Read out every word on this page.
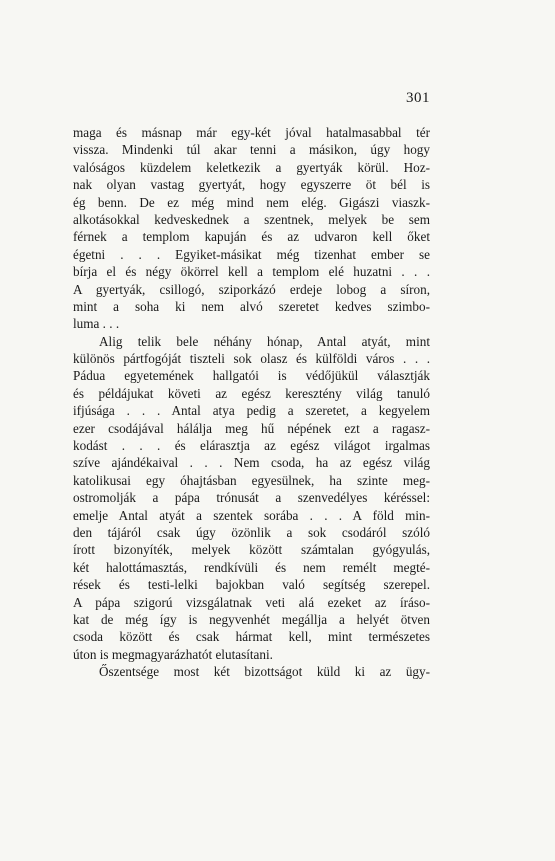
301
maga és másnap már egy-két jóval hatalmasabbal tér
vissza. Mindenki túl akar tenni a másikon, úgy hogy
valóságos küzdelem keletkezik a gyertyák körül. Hoz-
nak olyan vastag gyertyát, hogy egyszerre öt bél is
ég benn. De ez még mind nem elég. Gigászi viaszk-
alkotásokkal kedveskednek a szentnek, melyek be sem
férnek a templom kapuján és az udvaron kell őket
égetni . . . Egyiket-másikat még tizenhat ember se
bírja el és négy ökörrel kell a templom elé huzatni . . .
A gyertyák, csillogó, sziporkázó erdeje lobog a síron,
mint a soha ki nem alvó szeretet kedves szimbo-
luma . . .
Alig telik bele néhány hónap, Antal atyát, mint
különös pártfogóját tiszteli sok olasz és külföldi város . . .
Pádua egyetemének hallgatói is védőjükül választják
és példájukat követi az egész keresztény világ tanuló
ifjúsága . . . Antal atya pedig a szeretet, a kegyelem
ezer csodájával hálálja meg hű népének ezt a ragasz-
kodást . . . és elárasztja az egész világot irgalmas
szíve ajándékaival . . . Nem csoda, ha az egész világ
katolikusai egy óhajtásban egyesülnek, ha szinte meg-
ostromolják a pápa trónusát a szenvedélyes kéréssel:
emelje Antal atyát a szentek sorába . . . A föld min-
den tájáról csak úgy özönlik a sok csodáról szóló
írott bizonyíték, melyek között számtalan gyógyulás,
két halottámasztás, rendkívüli és nem remélt megté-
rések és testi-lelki bajokban való segítség szerepel.
A pápa szigorú vizsgálatnak veti alá ezeket az íráso-
kat de még így is negyvenhét megállja a helyét ötven
csoda között és csak hármat kell, mint természetes
úton is megmagyarázhatót elutasítani.
Őszentsége most két bizottságot küld ki az ügy-
